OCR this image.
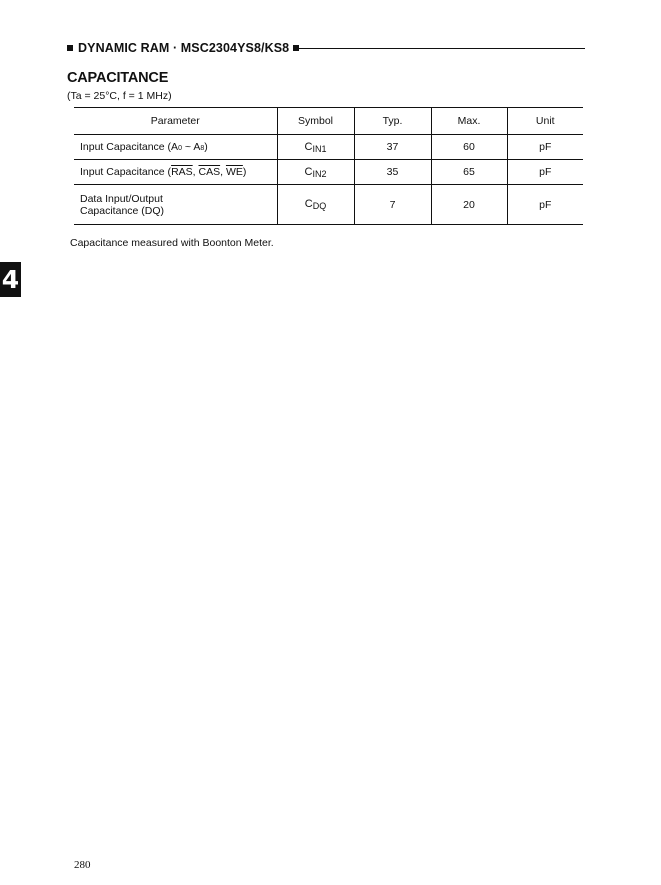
DYNAMIC RAM · MSC2304YS8/KS8
CAPACITANCE
(Ta = 25°C, f = 1 MHz)
Parameter	Symbol	Typ.	Max.	Unit
Input Capacitance (A0 ~ A8)	CIN1	37	60	pF
Input Capacitance ($\overline{RAS}$, $\overline{CAS}$, $\overline{WE}$)	CIN2	35	65	pF

Data Input/Output
Capacitance (DQ)	CDQ	7	20	pF
Capacitance measured with Boonton Meter.
4
280
